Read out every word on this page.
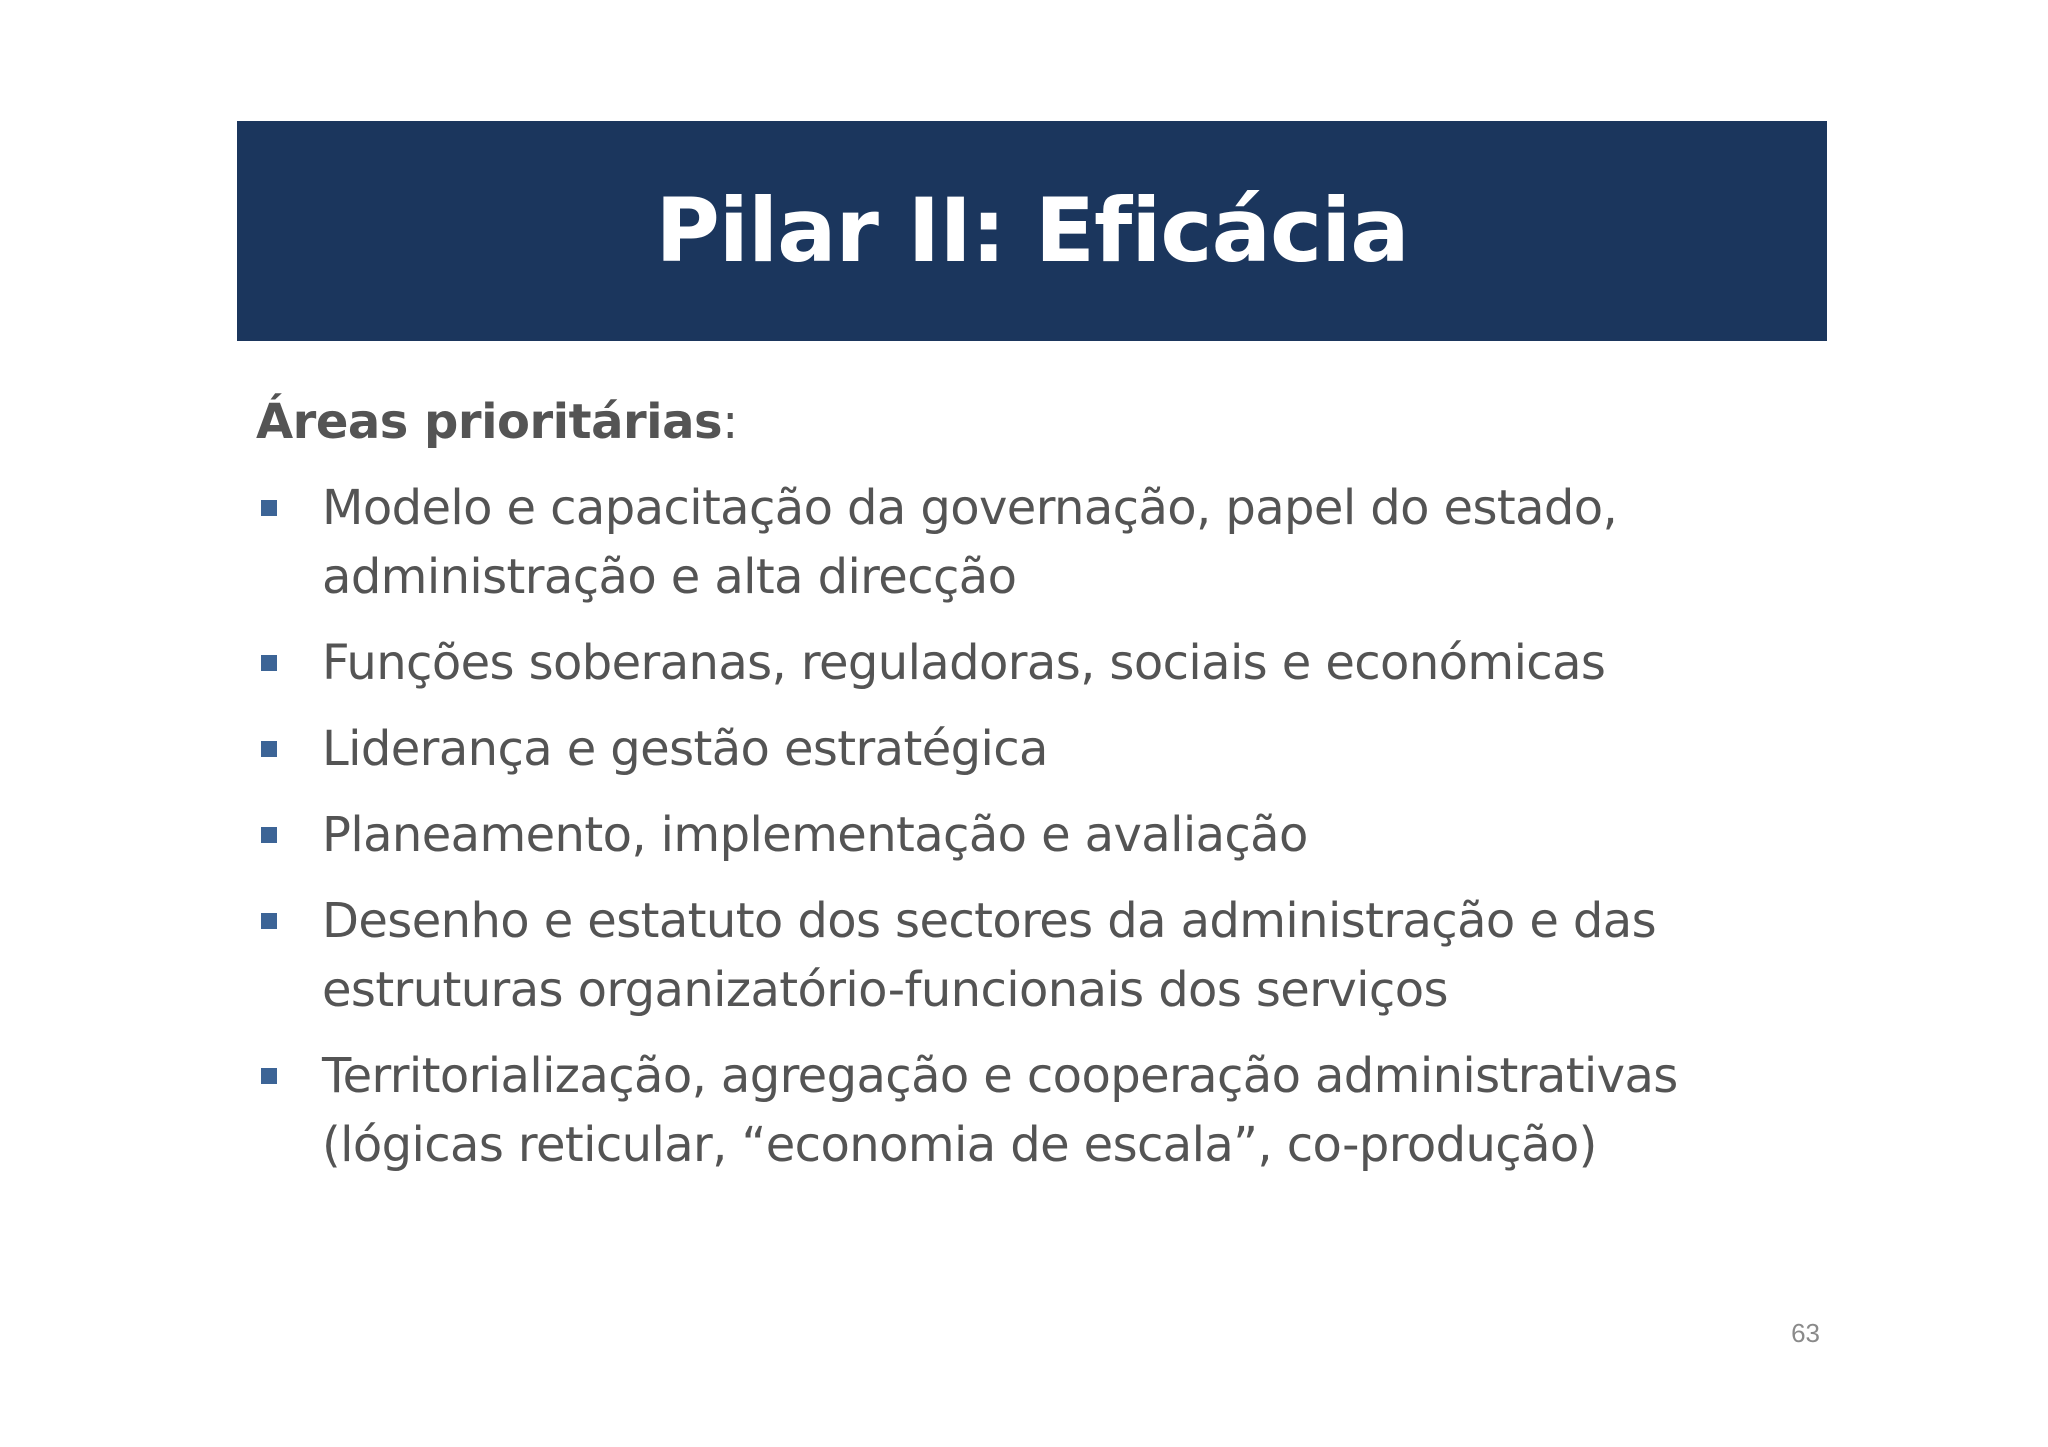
Pilar II: Eficácia

Áreas prioritárias:

Modelo e capacitação da governação, papel do estado, administração e alta direcção
Funções soberanas, reguladoras, sociais e económicas
Liderança e gestão estratégica
Planeamento, implementação e avaliação
Desenho e estatuto dos sectores da administração e das estruturas organizatório-funcionais dos serviços
Territorialização, agregação e cooperação administrativas (lógicas reticular, “economia de escala”, co-produção)
63
